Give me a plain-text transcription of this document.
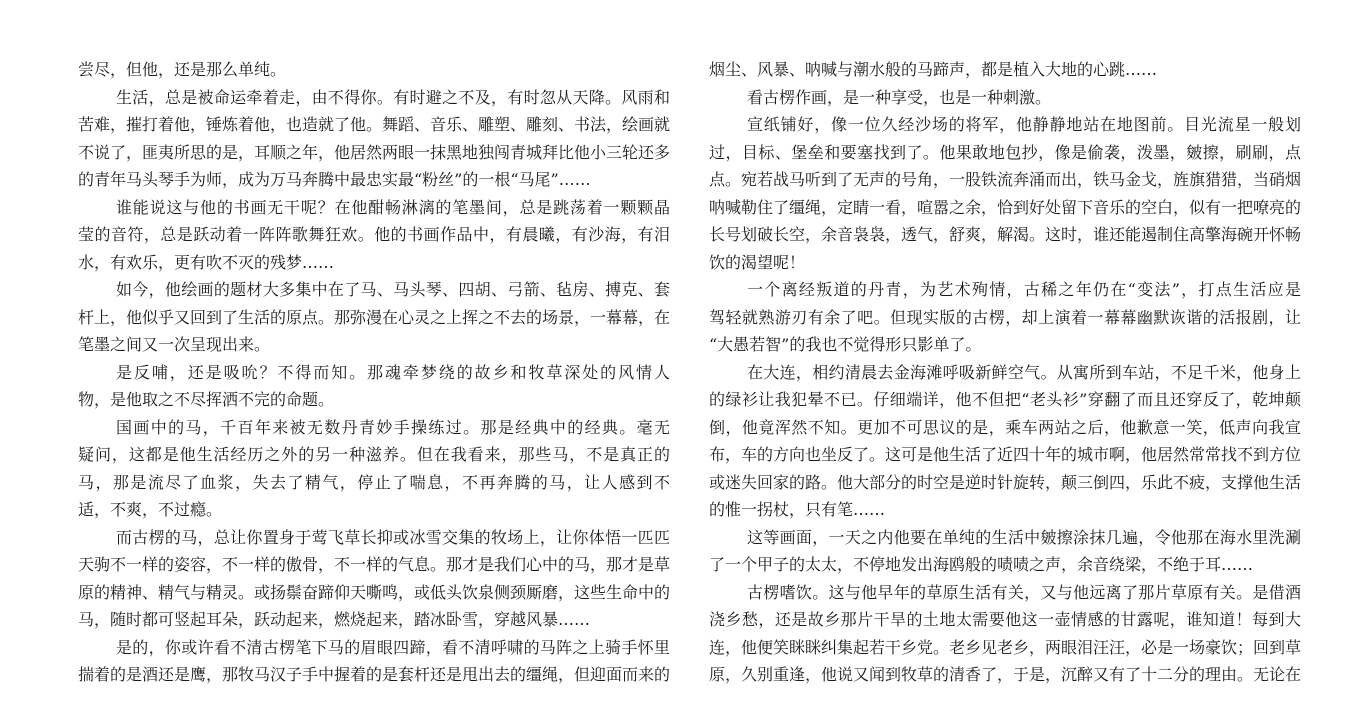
尝尽，但他，还是那么单纯。
生活，总是被命运牵着走，由不得你。有时避之不及，有时忽从天降。风雨和
苦难，摧打着他，锤炼着他，也造就了他。舞蹈、音乐、雕塑、雕刻、书法，绘画就
不说了，匪夷所思的是，耳顺之年，他居然两眼一抹黑地独闯青城拜比他小三轮还多
的青年马头琴手为师，成为万马奔腾中最忠实最“粉丝”的一根“马尾”……
谁能说这与他的书画无干呢？在他酣畅淋漓的笔墨间，总是跳荡着一颗颗晶
莹的音符，总是跃动着一阵阵歌舞狂欢。他的书画作品中，有晨曦，有沙海，有泪
水，有欢乐，更有吹不灭的残梦……
如今，他绘画的题材大多集中在了马、马头琴、四胡、弓箭、毡房、搏克、套
杆上，他似乎又回到了生活的原点。那弥漫在心灵之上挥之不去的场景，一幕幕，在
笔墨之间又一次呈现出来。
是反哺，还是吸吮？不得而知。那魂牵梦绕的故乡和牧草深处的风情人
物，是他取之不尽挥洒不完的命题。
国画中的马，千百年来被无数丹青妙手操练过。那是经典中的经典。毫无
疑问，这都是他生活经历之外的另一种滋养。但在我看来，那些马，不是真正的
马，那是流尽了血浆，失去了精气，停止了喘息，不再奔腾的马，让人感到不
适，不爽，不过瘾。
而古楞的马，总让你置身于莺飞草长抑或冰雪交集的牧场上，让你体悟一匹匹
天驹不一样的姿容，不一样的傲骨，不一样的气息。那才是我们心中的马，那才是草
原的精神、精气与精灵。或扬鬃奋蹄仰天嘶鸣，或低头饮泉侧颈厮磨，这些生命中的
马，随时都可竖起耳朵，跃动起来，燃烧起来，踏冰卧雪，穿越风暴……
是的，你或许看不清古楞笔下马的眉眼四蹄，看不清呼啸的马阵之上骑手怀里
揣着的是酒还是鹰，那牧马汉子手中握着的是套杆还是甩出去的缰绳，但迎面而来的
烟尘、风暴、呐喊与潮水般的马蹄声，都是植入大地的心跳……
看古楞作画，是一种享受，也是一种刺激。
宣纸铺好，像一位久经沙场的将军，他静静地站在地图前。目光流星一般划
过，目标、堡垒和要塞找到了。他果敢地包抄，像是偷袭，泼墨，皴擦，刷刷，点
点。宛若战马听到了无声的号角，一股铁流奔涌而出，铁马金戈，旌旗猎猎，当硝烟
呐喊勒住了缰绳，定睛一看，喧嚣之余，恰到好处留下音乐的空白，似有一把嘹亮的
长号划破长空，余音袅袅，透气，舒爽，解渴。这时，谁还能遏制住高擎海碗开怀畅
饮的渴望呢！
一个离经叛道的丹青，为艺术殉情，古稀之年仍在“变法”，打点生活应是
驾轻就熟游刃有余了吧。但现实版的古楞，却上演着一幕幕幽默诙谐的活报剧，让
“大愚若智”的我也不觉得形只影单了。
在大连，相约清晨去金海滩呼吸新鲜空气。从寓所到车站，不足千米，他身上
的绿衫让我犯晕不已。仔细端详，他不但把“老头衫”穿翻了而且还穿反了，乾坤颠
倒，他竟浑然不知。更加不可思议的是，乘车两站之后，他歉意一笑，低声向我宣
布，车的方向也坐反了。这可是他生活了近四十年的城市啊，他居然常常找不到方位
或迷失回家的路。他大部分的时空是逆时针旋转，颠三倒四，乐此不疲，支撑他生活
的惟一拐杖，只有笔……
这等画面，一天之内他要在单纯的生活中皴擦涂抹几遍，令他那在海水里洗涮
了一个甲子的太太，不停地发出海鸥般的啧啧之声，余音绕梁，不绝于耳……
古楞嗜饮。这与他早年的草原生活有关，又与他远离了那片草原有关。是借酒
浇乡愁，还是故乡那片干旱的土地太需要他这一壶情感的甘露呢，谁知道！每到大
连，他便笑眯眯纠集起若干乡党。老乡见老乡，两眼泪汪汪，必是一场豪饮；回到草
原，久别重逢，他说又闻到牧草的清香了，于是，沉醉又有了十二分的理由。无论在
